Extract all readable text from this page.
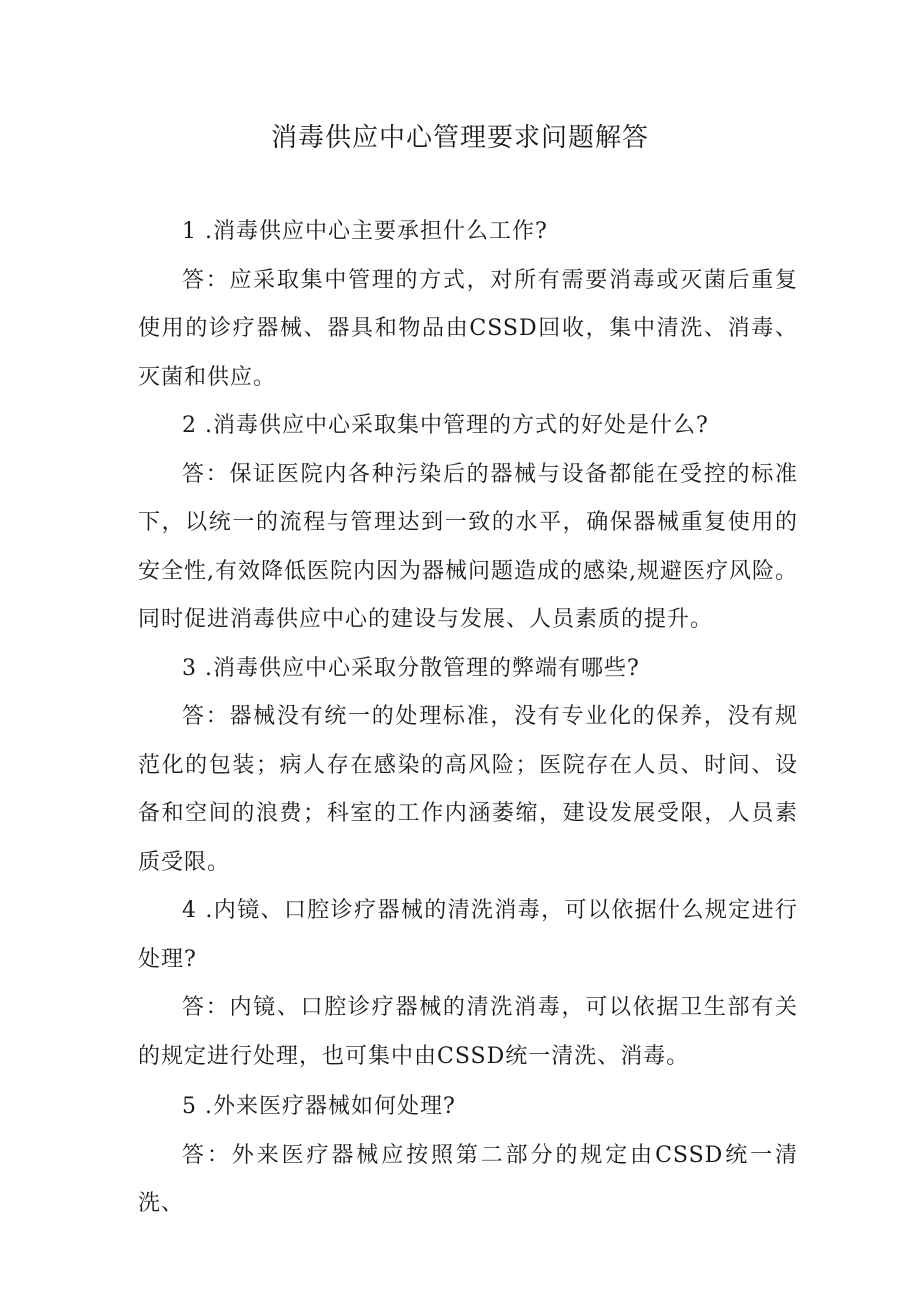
消毒供应中心管理要求问题解答

1 .消毒供应中心主要承担什么工作?

答：应采取集中管理的方式，对所有需要消毒或灭菌后重复使用的诊疗器械、器具和物品由CSSD回收，集中清洗、消毒、灭菌和供应。

2 .消毒供应中心采取集中管理的方式的好处是什么?

答：保证医院内各种污染后的器械与设备都能在受控的标准下，以统一的流程与管理达到一致的水平，确保器械重复使用的安全性,有效降低医院内因为器械问题造成的感染,规避医疗风险。同时促进消毒供应中心的建设与发展、人员素质的提升。

3 .消毒供应中心采取分散管理的弊端有哪些?

答：器械没有统一的处理标准，没有专业化的保养，没有规范化的包装；病人存在感染的高风险；医院存在人员、时间、设备和空间的浪费；科室的工作内涵萎缩，建设发展受限，人员素质受限。

4 .内镜、口腔诊疗器械的清洗消毒，可以依据什么规定进行处理?

答：内镜、口腔诊疗器械的清洗消毒，可以依据卫生部有关的规定进行处理，也可集中由CSSD统一清洗、消毒。

5 .外来医疗器械如何处理?

答：外来医疗器械应按照第二部分的规定由CSSD统一清洗、
